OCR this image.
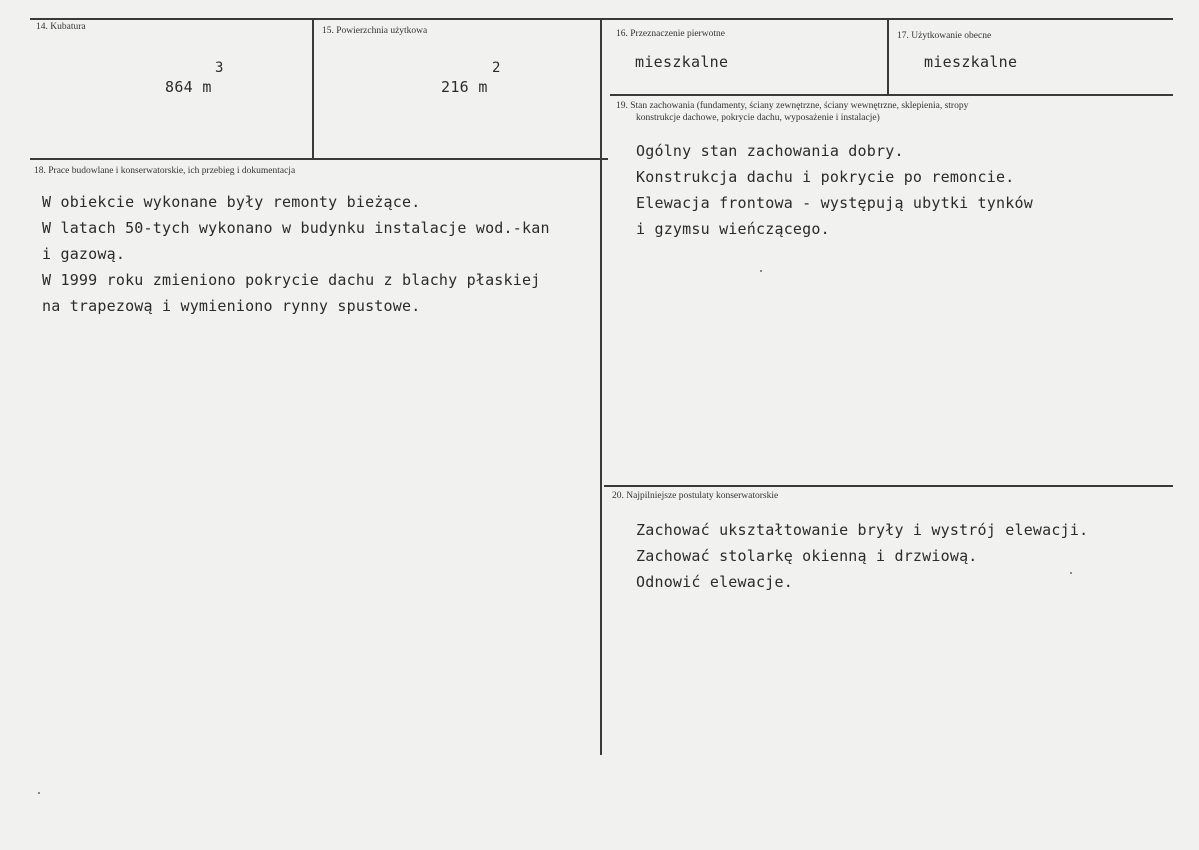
14. Kubatura
864 m
3
15. Powierzchnia użytkowa
216 m
2
16. Przeznaczenie pierwotne
mieszkalne
17. Użytkowanie obecne
mieszkalne
18. Prace budowlane i konserwatorskie, ich przebieg i dokumentacja
W obiekcie wykonane były remonty bieżące.
W latach 50-tych wykonano w budynku instalacje wod.-kan
i gazową.
W 1999 roku zmieniono pokrycie dachu z blachy płaskiej
na trapezową i wymieniono rynny spustowe.
19. Stan zachowania (fundamenty, ściany zewnętrzne, ściany wewnętrzne, sklepienia, stropy
konstrukcje dachowe, pokrycie dachu, wyposażenie i instalacje)
Ogólny stan zachowania dobry.
Konstrukcja dachu i pokrycie po remoncie.
Elewacja frontowa - występują ubytki tynków
i gzymsu wieńczącego.
20. Najpilniejsze postulaty konserwatorskie
Zachować ukształtowanie bryły i wystrój elewacji.
Zachować stolarkę okienną i drzwiową.
Odnowić elewacje.
